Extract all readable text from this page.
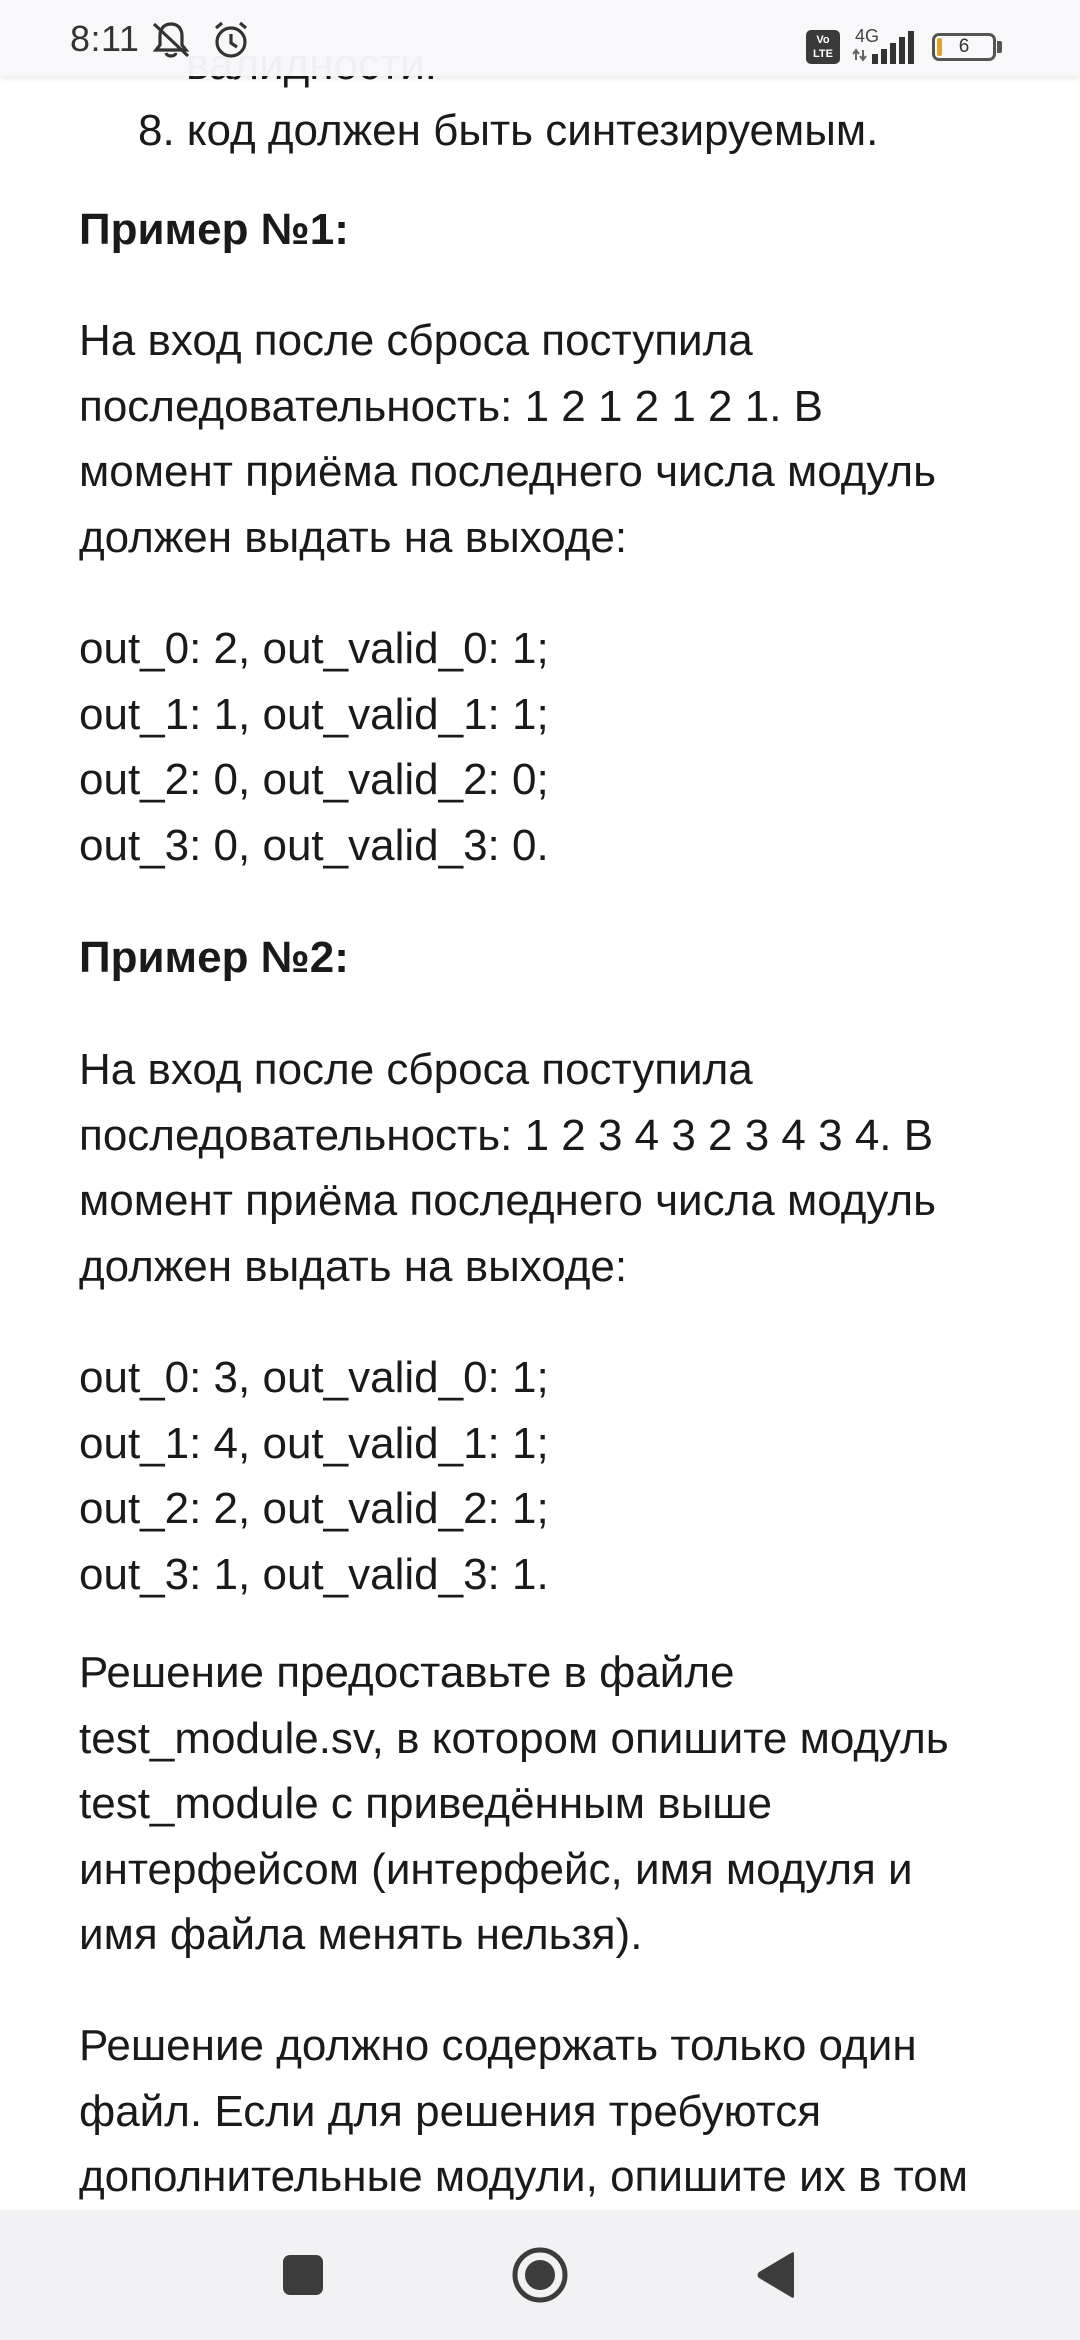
8:11	Vo LTE
4G	6
8. код должен быть синтезируемым.
Пример №1:
На вход после сброса поступила
последовательность: 1 2 1 2 1 2 1. В
момент приёма последнего числа модуль
должен выдать на выходе:
out_0: 2, out_valid_0: 1;
out_1: 1, out_valid_1: 1;
out_2: 0, out_valid_2: 0;
out_3: 0, out_valid_3: 0.
Пример №2:
На вход после сброса поступила
последовательность: 1 2 3 4 3 2 3 4 3 4. В
момент приёма последнего числа модуль
должен выдать на выходе:
out_0: 3, out_valid_0: 1;
out_1: 4, out_valid_1: 1;
out_2: 2, out_valid_2: 1;
out_3: 1, out_valid_3: 1.
Решение предоставьте в файле
test_module.sv, в котором опишите модуль
test_module с приведённым выше
интерфейсом (интерфейс, имя модуля и
имя файла менять нельзя).
Решение должно содержать только один
файл. Если для решения требуются
дополнительные модули, опишите их в том
